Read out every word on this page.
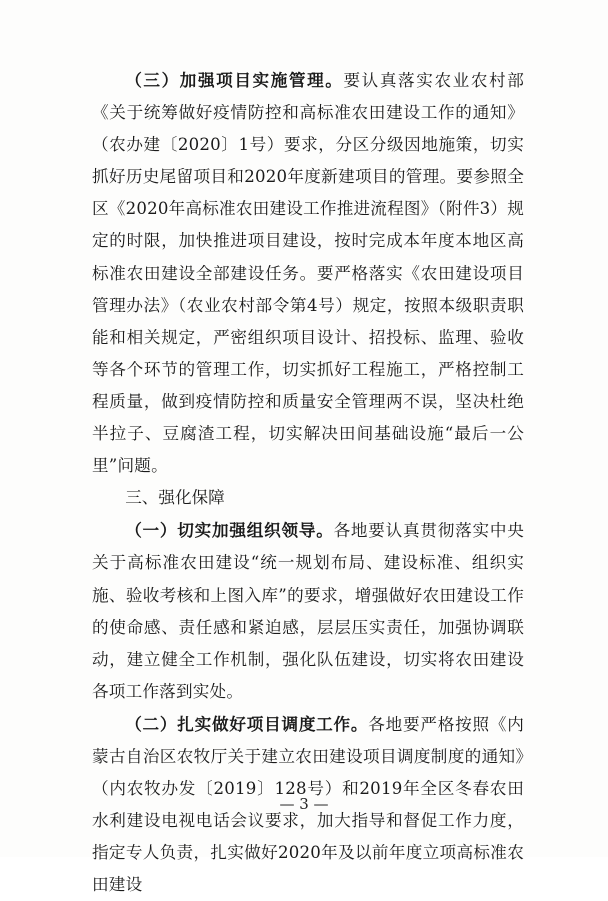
（三）加强项目实施管理。要认真落实农业农村部《关于统筹做好疫情防控和高标准农田建设工作的通知》（农办建〔2020〕1号）要求，分区分级因地施策，切实抓好历史尾留项目和2020年度新建项目的管理。要参照全区《2020年高标准农田建设工作推进流程图》（附件3）规定的时限，加快推进项目建设，按时完成本年度本地区高标准农田建设全部建设任务。要严格落实《农田建设项目管理办法》（农业农村部令第4号）规定，按照本级职责职能和相关规定，严密组织项目设计、招投标、监理、验收等各个环节的管理工作，切实抓好工程施工，严格控制工程质量，做到疫情防控和质量安全管理两不误，坚决杜绝半拉子、豆腐渣工程，切实解决田间基础设施“最后一公里”问题。

三、强化保障

（一）切实加强组织领导。各地要认真贯彻落实中央关于高标准农田建设“统一规划布局、建设标准、组织实施、验收考核和上图入库”的要求，增强做好农田建设工作的使命感、责任感和紧迫感，层层压实责任，加强协调联动，建立健全工作机制，强化队伍建设，切实将农田建设各项工作落到实处。

（二）扎实做好项目调度工作。各地要严格按照《内蒙古自治区农牧厅关于建立农田建设项目调度制度的通知》（内农牧办发〔2019〕128号）和2019年全区冬春农田水利建设电视电话会议要求，加大指导和督促工作力度，指定专人负责，扎实做好2020年及以前年度立项高标准农田建设

— 3 —
